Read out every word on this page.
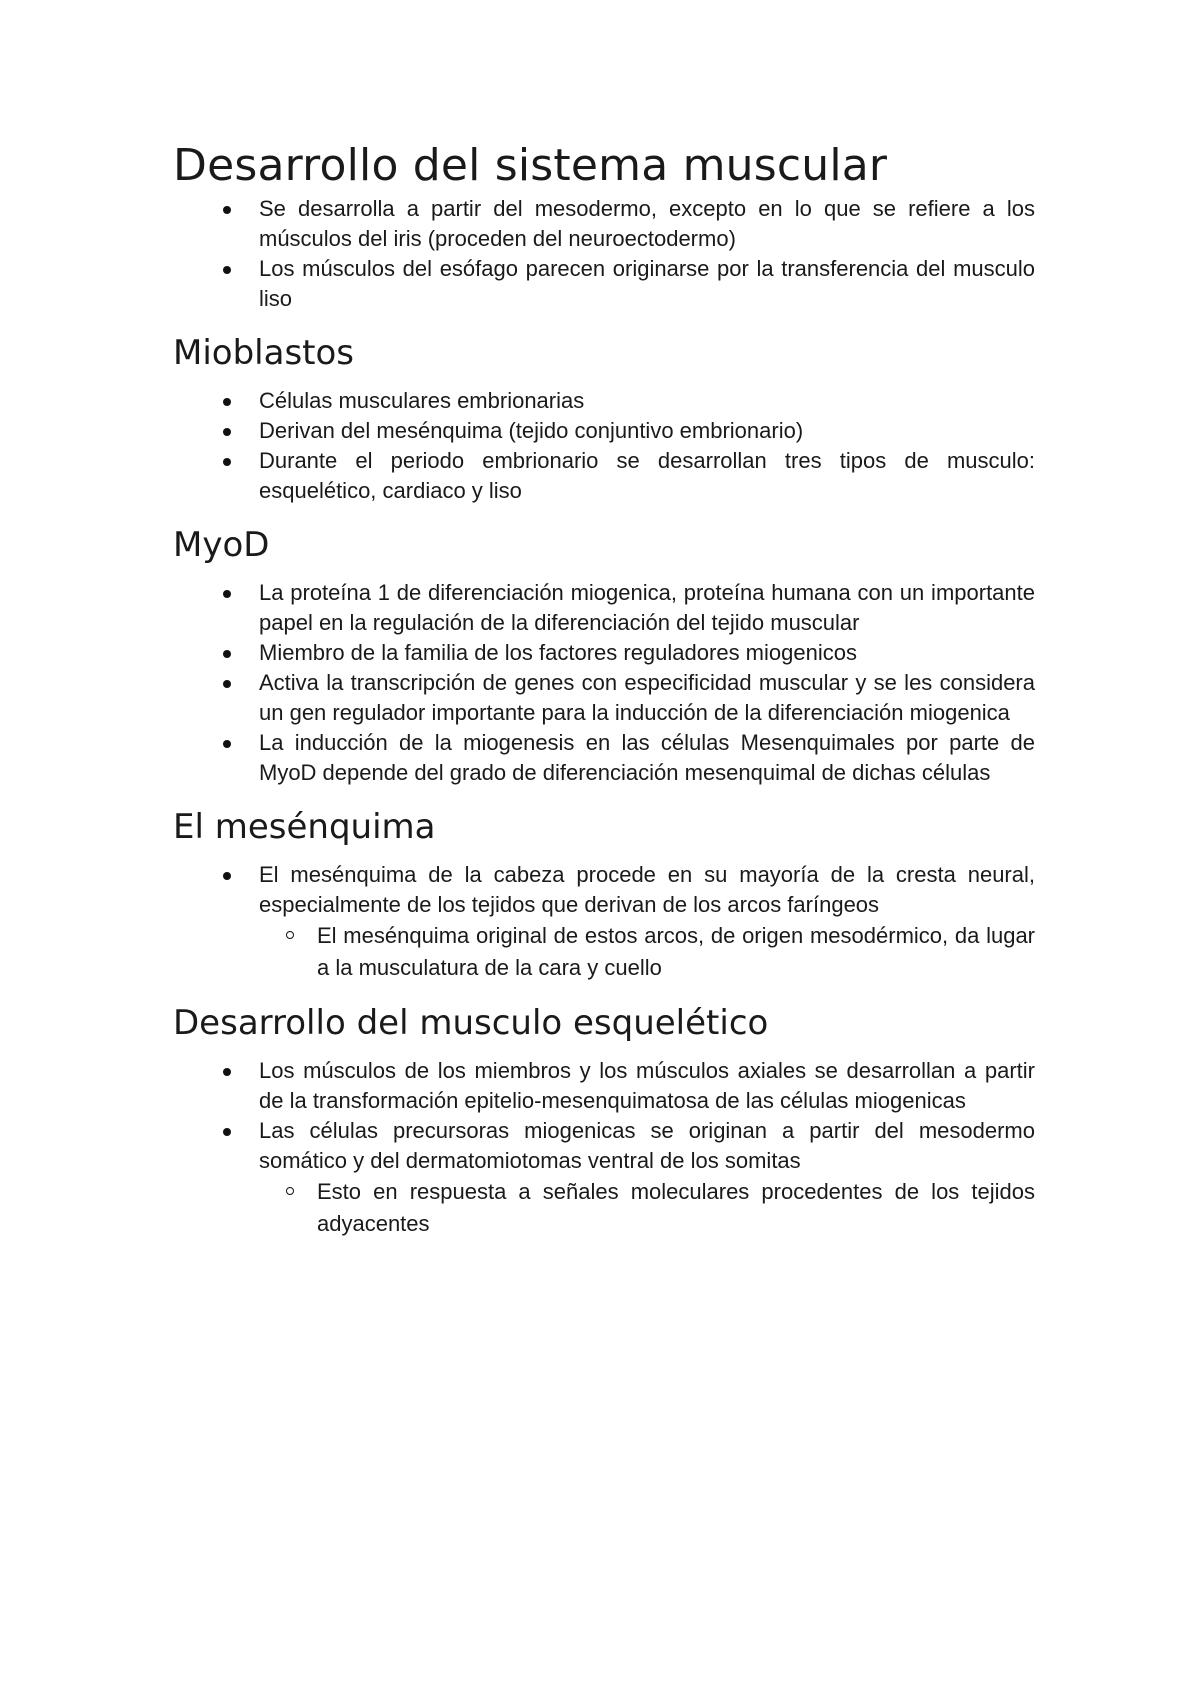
Desarrollo del sistema muscular
Se desarrolla a partir del mesodermo, excepto en lo que se refiere a los músculos del iris (proceden del neuroectodermo)
Los músculos del esófago parecen originarse por la transferencia del musculo liso
Mioblastos
Células musculares embrionarias
Derivan del mesénquima (tejido conjuntivo embrionario)
Durante el periodo embrionario se desarrollan tres tipos de musculo: esquelético, cardiaco y liso
MyoD
La proteína 1 de diferenciación miogenica, proteína humana con un importante papel en la regulación de la diferenciación del tejido muscular
Miembro de la familia de los factores reguladores miogenicos
Activa la transcripción de genes con especificidad muscular y se les considera un gen regulador importante para la inducción de la diferenciación miogenica
La inducción de la miogenesis en las células Mesenquimales por parte de MyoD depende del grado de diferenciación mesenquimal de dichas células
El mesénquima
El mesénquima de la cabeza procede en su mayoría de la cresta neural, especialmente de los tejidos que derivan de los arcos faríngeos
El mesénquima original de estos arcos, de origen mesodérmico, da lugar a la musculatura de la cara y cuello
Desarrollo del musculo esquelético
Los músculos de los miembros y los músculos axiales se desarrollan a partir de la transformación epitelio-mesenquimatosa de las células miogenicas
Las células precursoras miogenicas se originan a partir del mesodermo somático y del dermatomiotomas ventral de los somitas
Esto en respuesta a señales moleculares procedentes de los tejidos adyacentes
